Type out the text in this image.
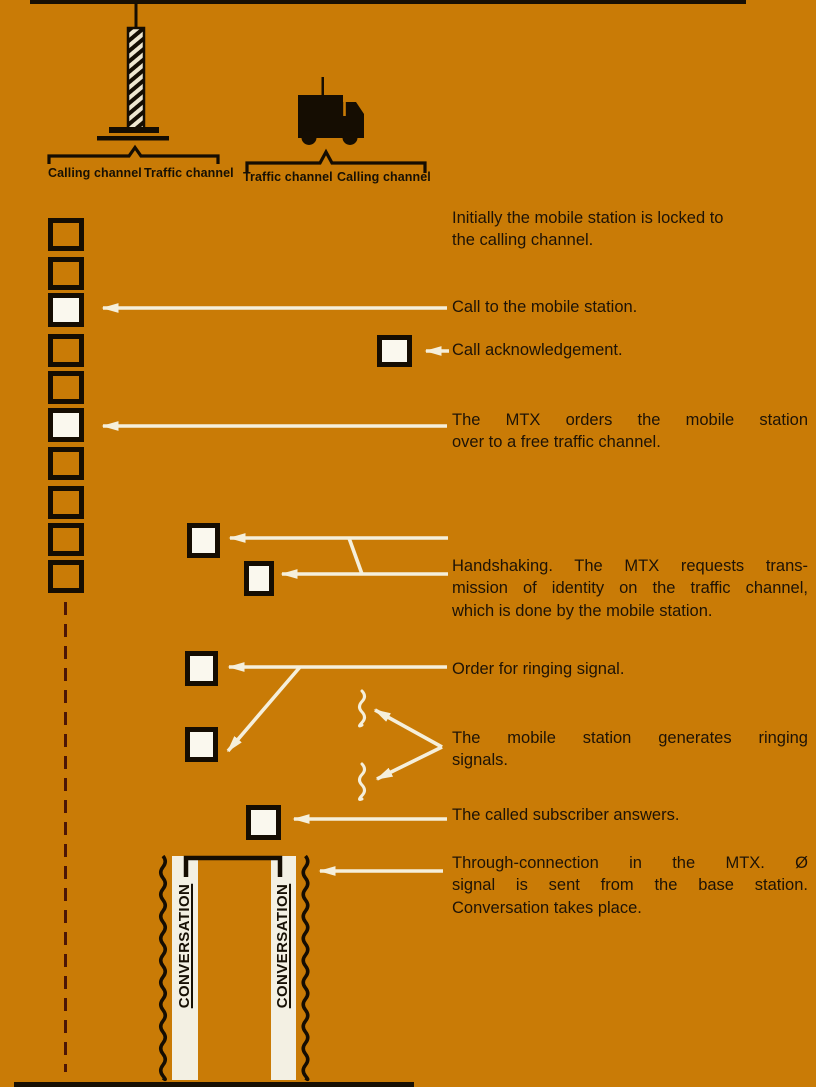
Calling channel Traffic channel Traffic channel Calling channel
CONVERSATION	CONVERSATION
Initially the mobile station is locked to
the calling channel.
Call to the mobile station.
Call acknowledgement.
The MTX orders the mobile station
over to a free traffic channel.
Handshaking. The MTX requests trans-
mission of identity on the traffic channel,
which is done by the mobile station.
Order for ringing signal.
The mobile station generates ringing
signals.
The called subscriber answers.
Through-connection in the MTX. Ø
signal is sent from the base station.
Conversation takes place.
